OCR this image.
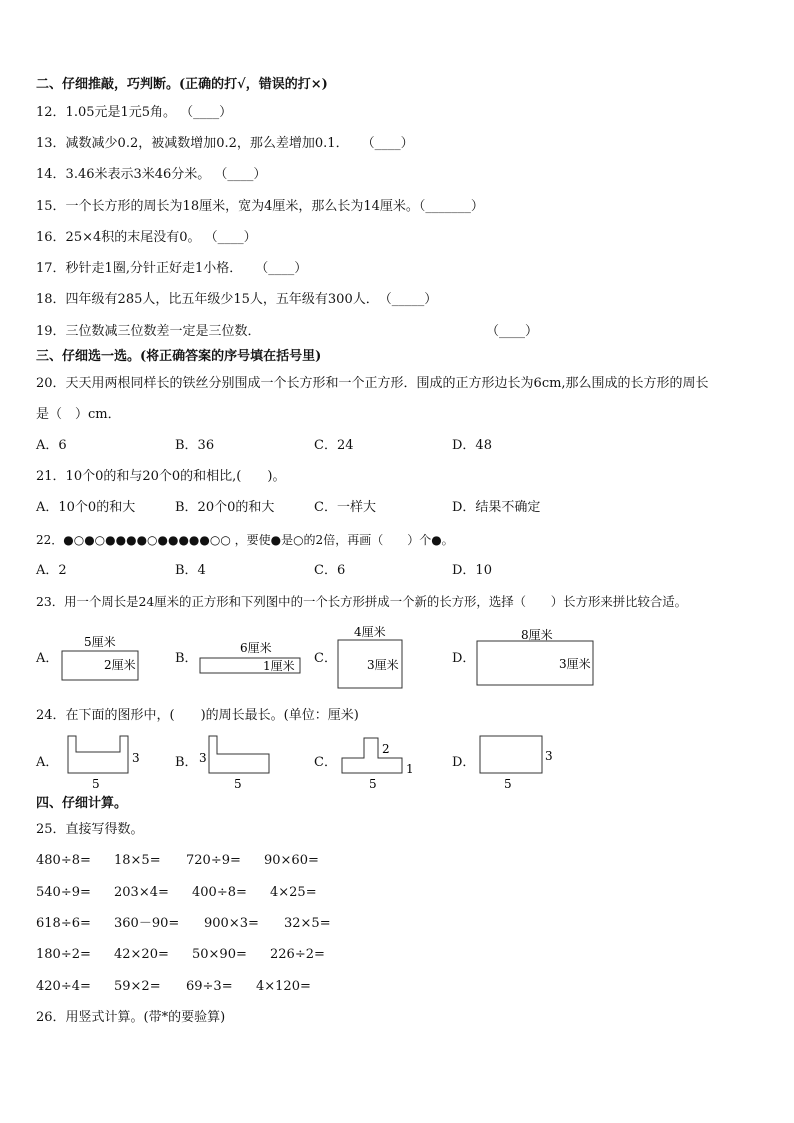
二、仔细推敲，巧判断。(正确的打√，错误的打×)
12．1.05元是1元5角。 （____）
13．减数减少0.2，被减数增加0.2，那么差增加0.1．　　（____）
14．3.46米表示3米46分米。 （____）
15．一个长方形的周长为18厘米，宽为4厘米，那么长为14厘米。（_______）
16．25×4积的末尾没有0。 （____）
17．秒针走1圈,分针正好走1小格．　　（____）
18．四年级有285人，比五年级少15人，五年级有300人．　（_____）
19．三位数减三位数差一定是三位数．	（____）
三、仔细选一选。(将正确答案的序号填在括号里)
20．天天用两根同样长的铁丝分别围成一个长方形和一个正方形．围成的正方形边长为6cm,那么围成的长方形的周长
是（　）cm．
A．6	B．36	C．24	D．48
21．10个0的和与20个0的和相比,(　　)。
A．10个0的和大	B．20个0的和大	C．一样大	D．结果不确定
22．●○●○●●●●○●●●●●○○ ，要使●是○的2倍，再画（　　）个●。
A．2	B．4	C．6	D．10
23．用一个周长是24厘米的正方形和下列图中的一个长方形拼成一个新的长方形，选择（　　）长方形来拼比较合适。
A．
5厘米
2厘米	B．
6厘米
1厘米 C．
4厘米
3厘米	D．
8厘米
3厘米
24．在下面的图形中，(　　)的周长最长。(单位：厘米)
A．	3
5
B． 3
5
C．
2
1
5
D．	3
5
四、仔细计算。
25．直接写得数。
480÷8= 18×5= 720÷9= 90×60=
540÷9= 203×4= 400÷8= 4×25=
618÷6= 360－90= 900×3= 32×5=
180÷2= 42×20= 50×90= 226÷2=
420÷4= 59×2= 69÷3= 4×120=
26．用竖式计算。(带*的要验算)
